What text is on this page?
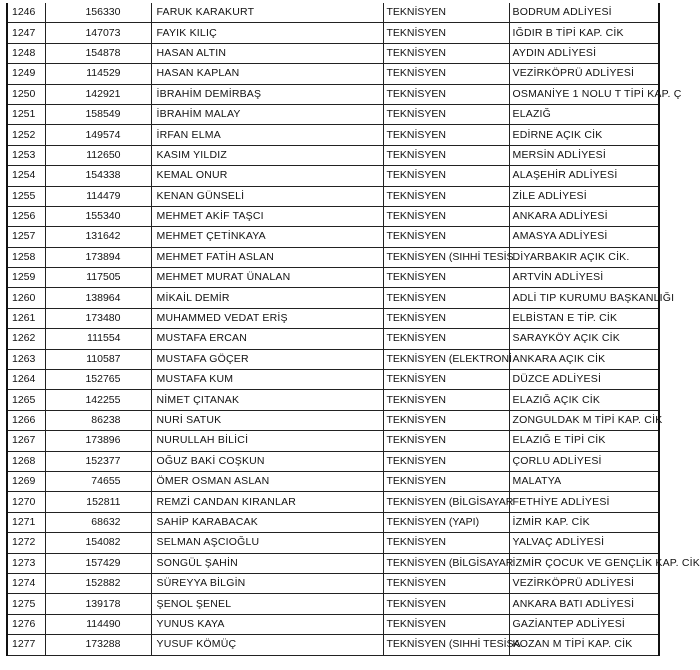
1246	156330	FARUK KARAKURT	TEKNİSYEN	BODRUM ADLİYESİ
1247	147073	FAYIK KILIÇ	TEKNİSYEN	IĞDIR B TİPİ KAP. CİK
1248	154878	HASAN ALTIN	TEKNİSYEN	AYDIN ADLİYESİ
1249	114529	HASAN KAPLAN	TEKNİSYEN	VEZİRKÖPRÜ ADLİYESİ
1250	142921	İBRAHİM DEMİRBAŞ	TEKNİSYEN	OSMANİYE 1 NOLU T TİPİ KAP. Ç
1251	158549	İBRAHİM MALAY	TEKNİSYEN	ELAZIĞ
1252	149574	İRFAN ELMA	TEKNİSYEN	EDİRNE AÇIK CİK
1253	112650	KASIM YILDIZ	TEKNİSYEN	MERSİN ADLİYESİ
1254	154338	KEMAL ONUR	TEKNİSYEN	ALAŞEHİR ADLİYESİ
1255	114479	KENAN GÜNSELİ	TEKNİSYEN	ZİLE ADLİYESİ
1256	155340	MEHMET AKİF TAŞCI	TEKNİSYEN	ANKARA ADLİYESİ
1257	131642	MEHMET ÇETİNKAYA	TEKNİSYEN	AMASYA ADLİYESİ
1258	173894	MEHMET FATİH ASLAN	TEKNİSYEN (SIHHİ TESİS	DİYARBAKIR AÇIK CİK.
1259	117505	MEHMET MURAT ÜNALAN	TEKNİSYEN	ARTVİN ADLİYESİ
1260	138964	MİKAİL DEMİR	TEKNİSYEN	ADLİ TIP KURUMU BAŞKANLIĞI
1261	173480	MUHAMMED VEDAT ERİŞ	TEKNİSYEN	ELBİSTAN E TİP. CİK
1262	111554	MUSTAFA ERCAN	TEKNİSYEN	SARAYKÖY AÇIK CİK
1263	110587	MUSTAFA GÖÇER	TEKNİSYEN (ELEKTRONİ	ANKARA AÇIK CİK
1264	152765	MUSTAFA KUM	TEKNİSYEN	DÜZCE ADLİYESİ
1265	142255	NİMET ÇITANAK	TEKNİSYEN	ELAZIĞ AÇIK CİK
1266	86238	NURİ SATUK	TEKNİSYEN	ZONGULDAK M TİPİ KAP. CİK
1267	173896	NURULLAH BİLİCİ	TEKNİSYEN	ELAZIĞ E TİPİ CİK
1268	152377	OĞUZ BAKİ COŞKUN	TEKNİSYEN	ÇORLU ADLİYESİ
1269	74655	ÖMER OSMAN ASLAN	TEKNİSYEN	MALATYA
1270	152811	REMZİ CANDAN KIRANLAR	TEKNİSYEN (BİLGİSAYAR	FETHİYE ADLİYESİ
1271	68632	SAHİP KARABACAK	TEKNİSYEN (YAPI)	İZMİR KAP. CİK
1272	154082	SELMAN AŞCIOĞLU	TEKNİSYEN	YALVAÇ ADLİYESİ
1273	157429	SONGÜL ŞAHİN	TEKNİSYEN (BİLGİSAYAR	İZMİR ÇOCUK VE GENÇLİK KAP. CİK
1274	152882	SÜREYYA BİLGİN	TEKNİSYEN	VEZİRKÖPRÜ ADLİYESİ
1275	139178	ŞENOL ŞENEL	TEKNİSYEN	ANKARA BATI ADLİYESİ
1276	114490	YUNUS KAYA	TEKNİSYEN	GAZİANTEP ADLİYESİ
1277	173288	YUSUF KÖMÜÇ	TEKNİSYEN (SIHHİ TESİSA	KOZAN M TİPİ KAP. CİK
